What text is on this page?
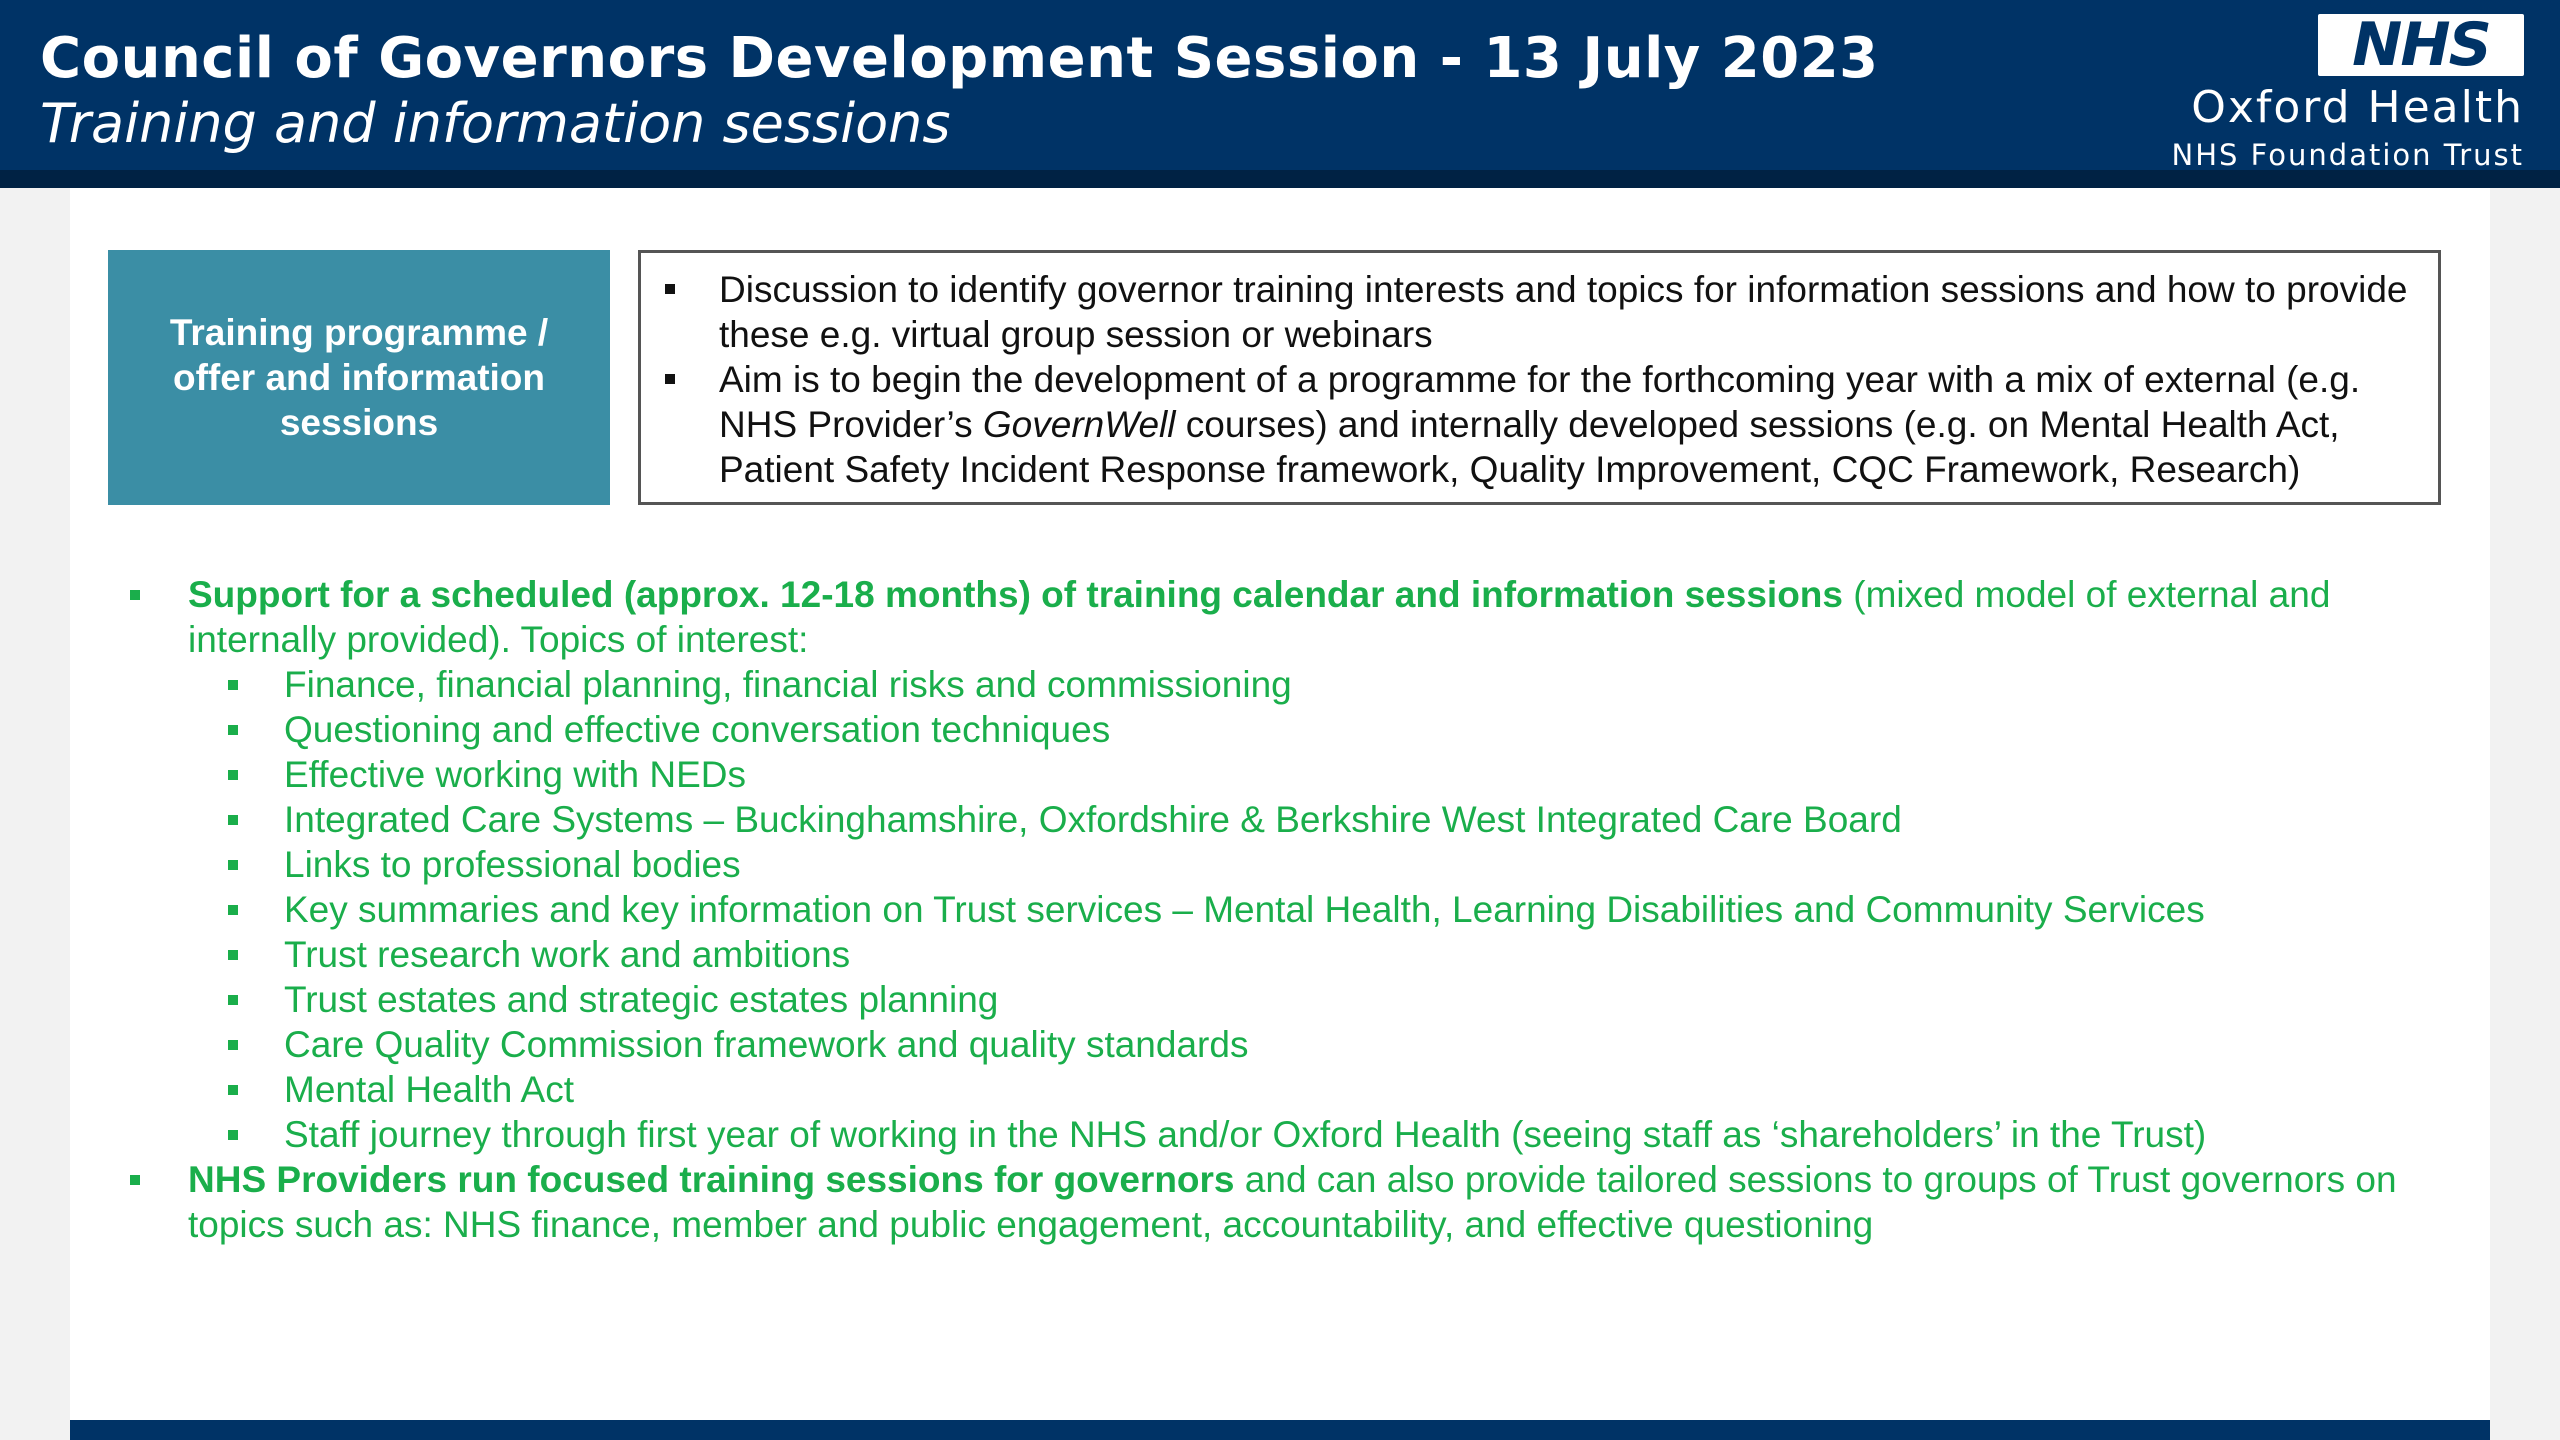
Council of Governors Development Session - 13 July 2023
Training and information sessions
NHS
Oxford Health
NHS Foundation Trust
Training programme / offer and information sessions
Discussion to identify governor training interests and topics for information sessions and how to provide these e.g. virtual group session or webinars
Aim is to begin the development of a programme for the forthcoming year with a mix of external (e.g. NHS Provider’s GovernWell courses) and internally developed sessions (e.g. on Mental Health Act, Patient Safety Incident Response framework, Quality Improvement, CQC Framework, Research)
Support for a scheduled (approx. 12-18 months) of training calendar and information sessions (mixed model of external and internally provided). Topics of interest:
Finance, financial planning, financial risks and commissioning
Questioning and effective conversation techniques
Effective working with NEDs
Integrated Care Systems – Buckinghamshire, Oxfordshire & Berkshire West Integrated Care Board
Links to professional bodies
Key summaries and key information on Trust services – Mental Health, Learning Disabilities and Community Services
Trust research work and ambitions
Trust estates and strategic estates planning
Care Quality Commission framework and quality standards
Mental Health Act
Staff journey through first year of working in the NHS and/or Oxford Health (seeing staff as ‘shareholders’ in the Trust)
NHS Providers run focused training sessions for governors and can also provide tailored sessions to groups of Trust governors on topics such as: NHS finance, member and public engagement, accountability, and effective questioning
